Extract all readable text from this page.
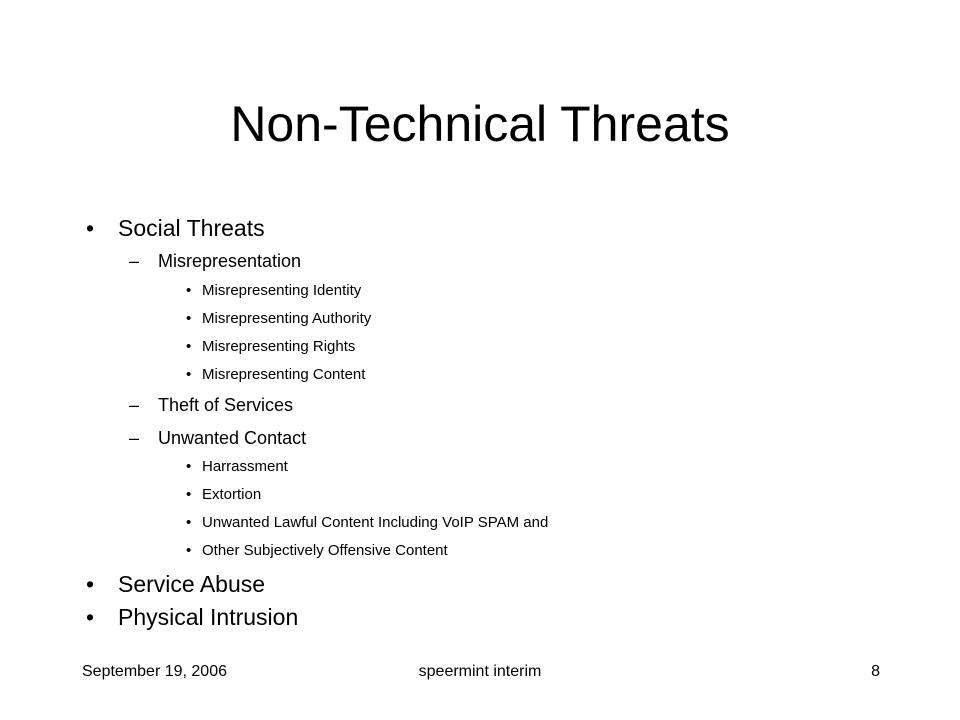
Non-Technical Threats
• Social Threats
– Misrepresentation
• Misrepresenting Identity
• Misrepresenting Authority
• Misrepresenting Rights
• Misrepresenting Content
– Theft of Services
– Unwanted Contact
• Harrassment
• Extortion
• Unwanted Lawful Content Including VoIP SPAM and
• Other Subjectively Offensive Content
• Service Abuse
• Physical Intrusion
September 19, 2006	speermint interim	8
